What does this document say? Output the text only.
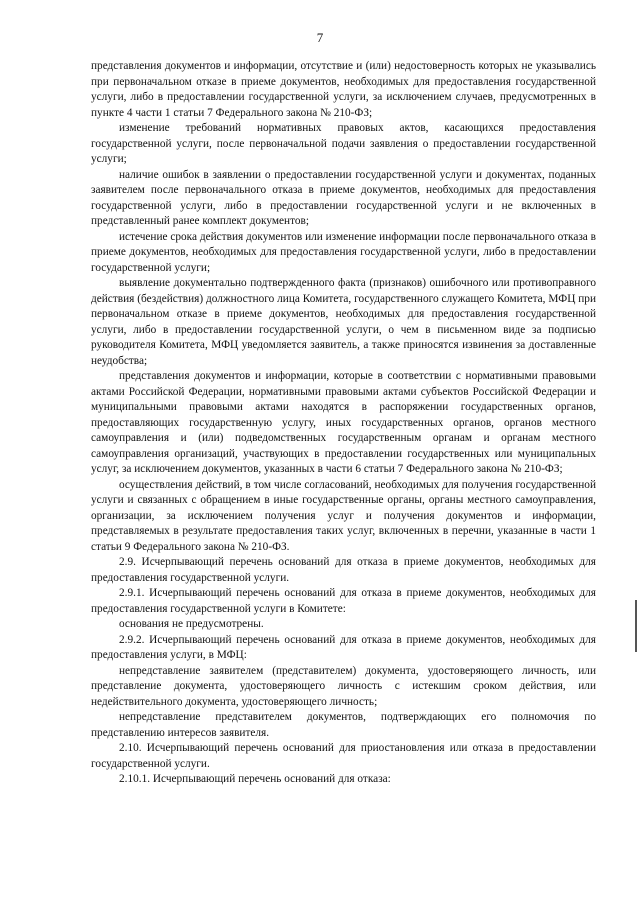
7

представления документов и информации, отсутствие и (или) недостоверность которых не указывались при первоначальном отказе в приеме документов, необходимых для предоставления государственной услуги, либо в предоставлении государственной услуги, за исключением случаев, предусмотренных в пункте 4 части 1 статьи 7 Федерального закона № 210-ФЗ;

изменение требований нормативных правовых актов, касающихся предоставления государственной услуги, после первоначальной подачи заявления о предоставлении государственной услуги;

наличие ошибок в заявлении о предоставлении государственной услуги и документах, поданных заявителем после первоначального отказа в приеме документов, необходимых для предоставления государственной услуги, либо в предоставлении государственной услуги и не включенных в представленный ранее комплект документов;

истечение срока действия документов или изменение информации после первоначального отказа в приеме документов, необходимых для предоставления государственной услуги, либо в предоставлении государственной услуги;

выявление документально подтвержденного факта (признаков) ошибочного или противоправного действия (бездействия) должностного лица Комитета, государственного служащего Комитета, МФЦ при первоначальном отказе в приеме документов, необходимых для предоставления государственной услуги, либо в предоставлении государственной услуги, о чем в письменном виде за подписью руководителя Комитета, МФЦ уведомляется заявитель, а также приносятся извинения за доставленные неудобства;

представления документов и информации, которые в соответствии с нормативными правовыми актами Российской Федерации, нормативными правовыми актами субъектов Российской Федерации и муниципальными правовыми актами находятся в распоряжении государственных органов, предоставляющих государственную услугу, иных государственных органов, органов местного самоуправления и (или) подведомственных государственным органам и органам местного самоуправления организаций, участвующих в предоставлении государственных или муниципальных услуг, за исключением документов, указанных в части 6 статьи 7 Федерального закона № 210-ФЗ;

осуществления действий, в том числе согласований, необходимых для получения государственной услуги и связанных с обращением в иные государственные органы, органы местного самоуправления, организации, за исключением получения услуг и получения документов и информации, представляемых в результате предоставления таких услуг, включенных в перечни, указанные в части 1 статьи 9 Федерального закона № 210-ФЗ.

2.9. Исчерпывающий перечень оснований для отказа в приеме документов, необходимых для предоставления государственной услуги.

2.9.1. Исчерпывающий перечень оснований для отказа в приеме документов, необходимых для предоставления государственной услуги в Комитете:

основания не предусмотрены.

2.9.2. Исчерпывающий перечень оснований для отказа в приеме документов, необходимых для предоставления услуги, в МФЦ:

непредставление заявителем (представителем) документа, удостоверяющего личность, или представление документа, удостоверяющего личность с истекшим сроком действия, или недействительного документа, удостоверяющего личность;

непредставление представителем документов, подтверждающих его полномочия по представлению интересов заявителя.

2.10. Исчерпывающий перечень оснований для приостановления или отказа в предоставлении государственной услуги.

2.10.1. Исчерпывающий перечень оснований для отказа:
